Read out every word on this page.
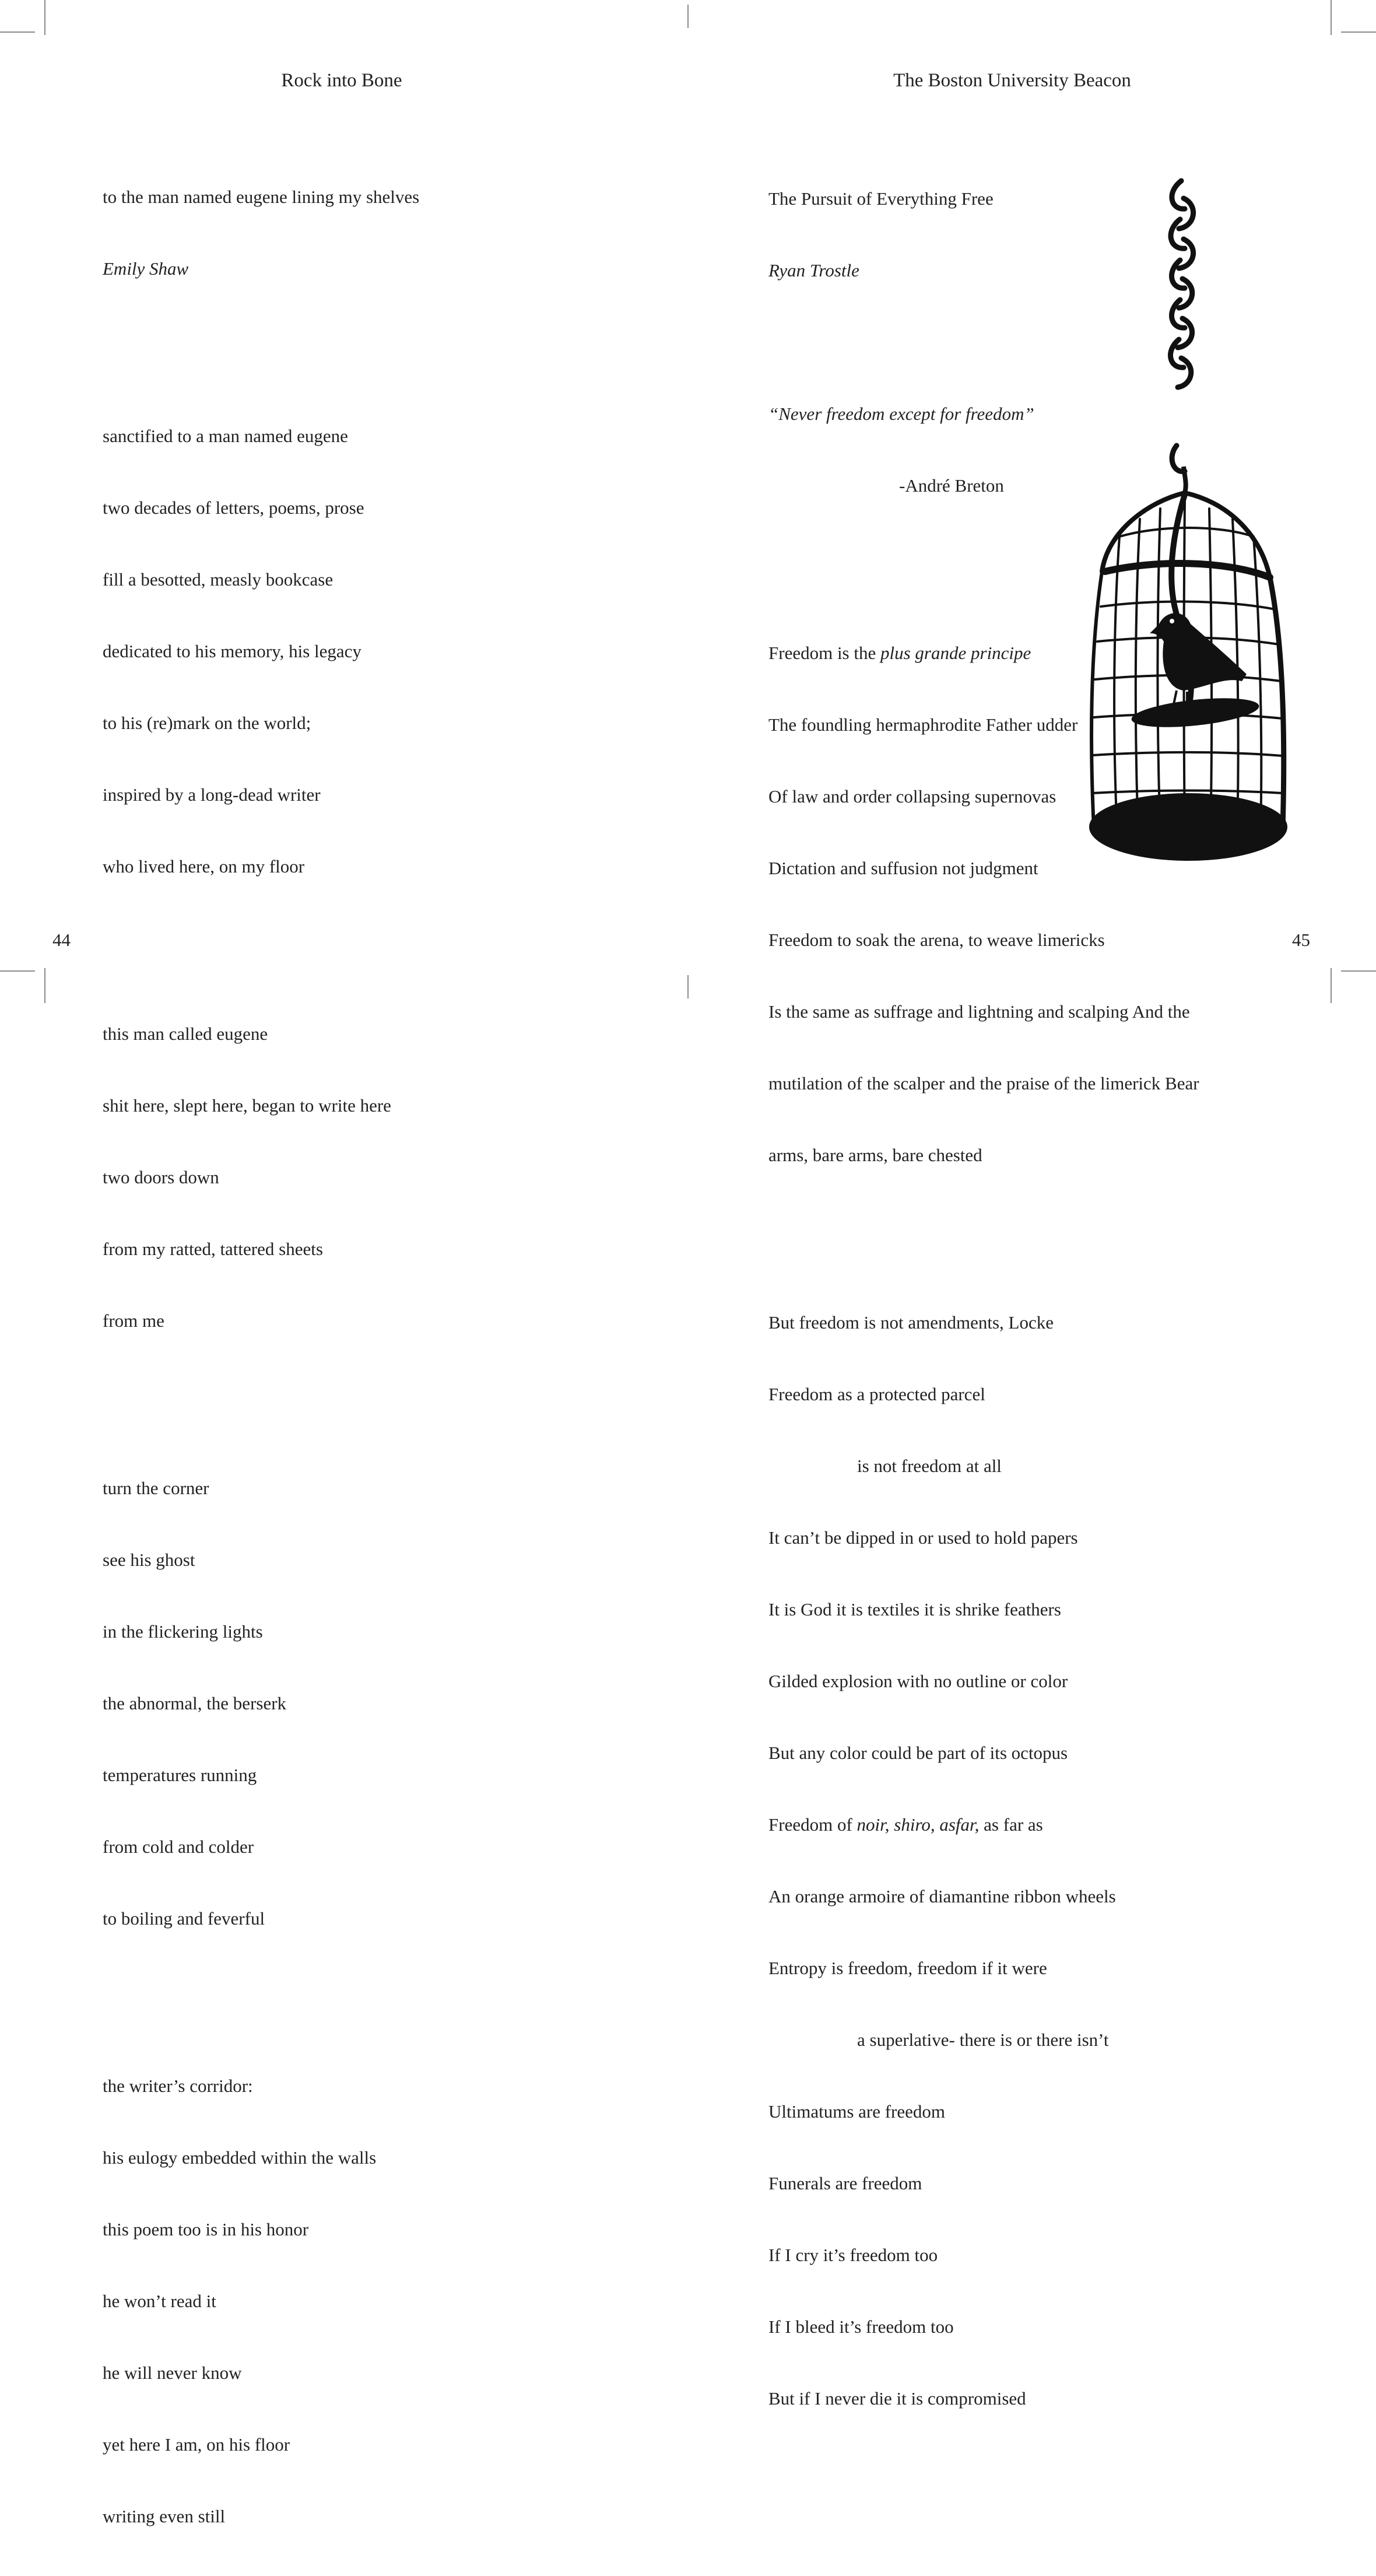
Rock into Bone

to the man named eugene lining my shelves

Emily Shaw

sanctified to a man named eugene

two decades of letters, poems, prose

fill a besotted, measly bookcase

dedicated to his memory, his legacy

to his (re)mark on the world;

inspired by a long-dead writer

who lived here, on my floor

this man called eugene

shit here, slept here, began to write here

two doors down

from my ratted, tattered sheets

from me

turn the corner

see his ghost

in the flickering lights

the abnormal, the berserk

temperatures running

from cold and colder

to boiling and feverful

the writer’s corridor:

his eulogy embedded within the walls

this poem too is in his honor

he won’t read it

he will never know

yet here I am, on his floor

writing even still

44
The Boston University Beacon

The Pursuit of Everything Free

Ryan Trostle

“Never freedom except for freedom”

-André Breton

Freedom is the plus grande principe

The foundling hermaphrodite Father udder

Of law and order collapsing supernovas

Dictation and suffusion not judgment

Freedom to soak the arena, to weave limericks

Is the same as suffrage and lightning and scalping And the

mutilation of the scalper and the praise of the limerick Bear

arms, bare arms, bare chested

But freedom is not amendments, Locke

Freedom as a protected parcel

is not freedom at all

It can’t be dipped in or used to hold papers

It is God it is textiles it is shrike feathers

Gilded explosion with no outline or color

But any color could be part of its octopus

Freedom of noir, shiro, asfar, as far as

An orange armoire of diamantine ribbon wheels

Entropy is freedom, freedom if it were

a superlative- there is or there isn’t

Ultimatums are freedom

Funerals are freedom

If I cry it’s freedom too

If I bleed it’s freedom too

But if I never die it is compromised

45
